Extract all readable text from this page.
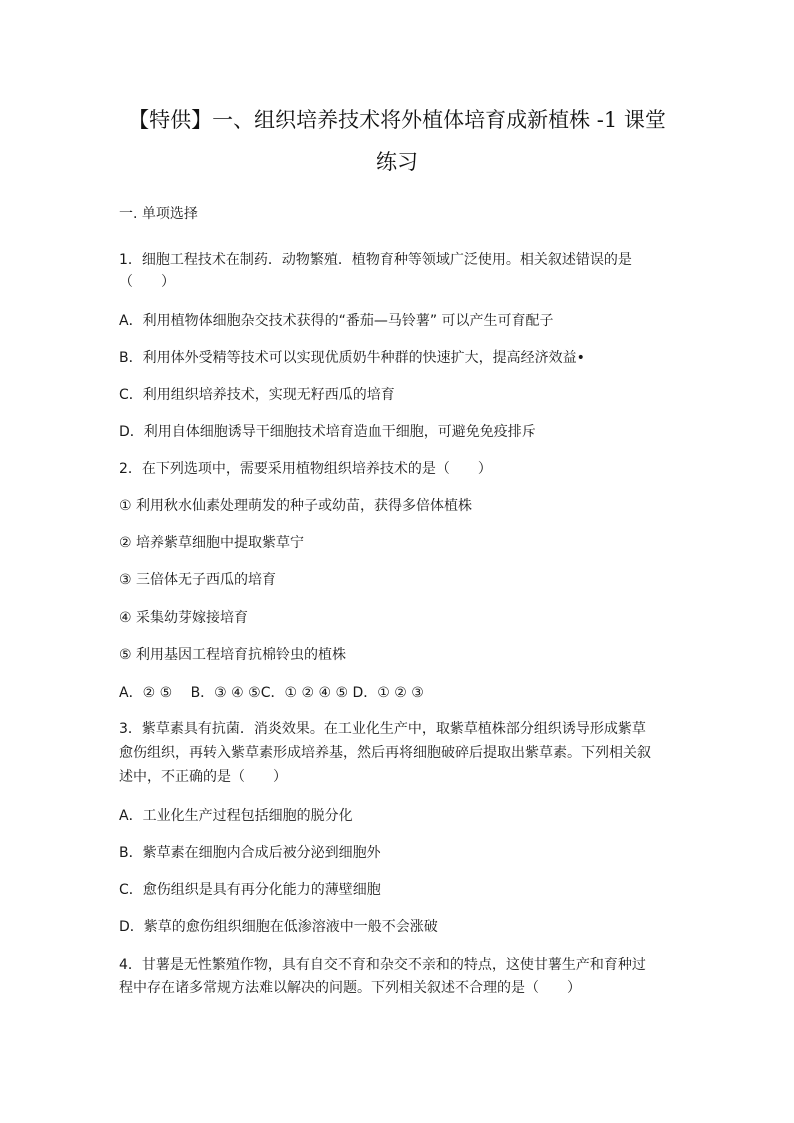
【特供】一、组织培养技术将外植体培育成新植株 -1 课堂
练习

一. 单项选择

1．细胞工程技术在制药．动物繁殖．植物育种等领域广泛使用。相关叙述错误的是

（　　）

A．利用植物体细胞杂交技术获得的“番茄—马铃薯” 可以产生可育配子

B．利用体外受精等技术可以实现优质奶牛种群的快速扩大，提高经济效益•

C．利用组织培养技术，实现无籽西瓜的培育

D．利用自体细胞诱导干细胞技术培育造血干细胞，可避免免疫排斥

2．在下列选项中，需要采用植物组织培养技术的是（　　）

① 利用秋水仙素处理萌发的种子或幼苗，获得多倍体植株

② 培养紫草细胞中提取紫草宁

③ 三倍体无子西瓜的培育

④ 采集幼芽嫁接培育

⑤ 利用基因工程培育抗棉铃虫的植株

A．② ⑤　 B．③ ④ ⑤C．① ② ④ ⑤ D．① ② ③

3．紫草素具有抗菌．消炎效果。在工业化生产中，取紫草植株部分组织诱导形成紫草

愈伤组织，再转入紫草素形成培养基，然后再将细胞破碎后提取出紫草素。下列相关叙

述中，不正确的是（　　）

A．工业化生产过程包括细胞的脱分化

B．紫草素在细胞内合成后被分泌到细胞外

C．愈伤组织是具有再分化能力的薄壁细胞

D．紫草的愈伤组织细胞在低渗溶液中一般不会涨破

4．甘薯是无性繁殖作物，具有自交不育和杂交不亲和的特点，这使甘薯生产和育种过

程中存在诸多常规方法难以解决的问题。下列相关叙述不合理的是（　　）
